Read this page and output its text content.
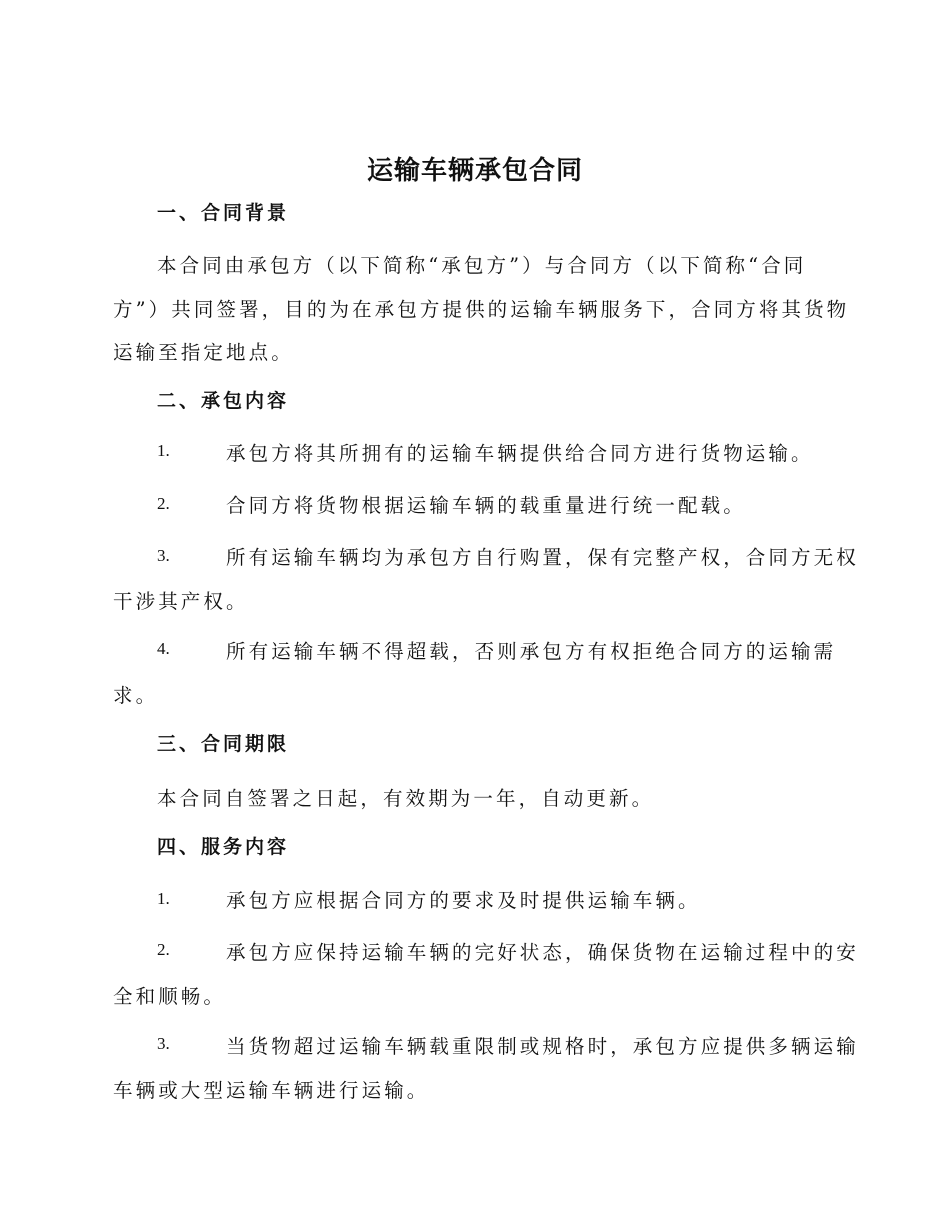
运输车辆承包合同
一、合同背景
本合同由承包方（以下简称“承包方”）与合同方（以下简称“合同
方”）共同签署，目的为在承包方提供的运输车辆服务下，合同方将其货物
运输至指定地点。
二、承包内容
1.	承包方将其所拥有的运输车辆提供给合同方进行货物运输。
2.	合同方将货物根据运输车辆的载重量进行统一配载。
3.	所有运输车辆均为承包方自行购置，保有完整产权，合同方无权
干涉其产权。
4.	所有运输车辆不得超载，否则承包方有权拒绝合同方的运输需
求。
三、合同期限
本合同自签署之日起，有效期为一年，自动更新。
四、服务内容
1.	承包方应根据合同方的要求及时提供运输车辆。
2.	承包方应保持运输车辆的完好状态，确保货物在运输过程中的安
全和顺畅。
3.	当货物超过运输车辆载重限制或规格时，承包方应提供多辆运输
车辆或大型运输车辆进行运输。
